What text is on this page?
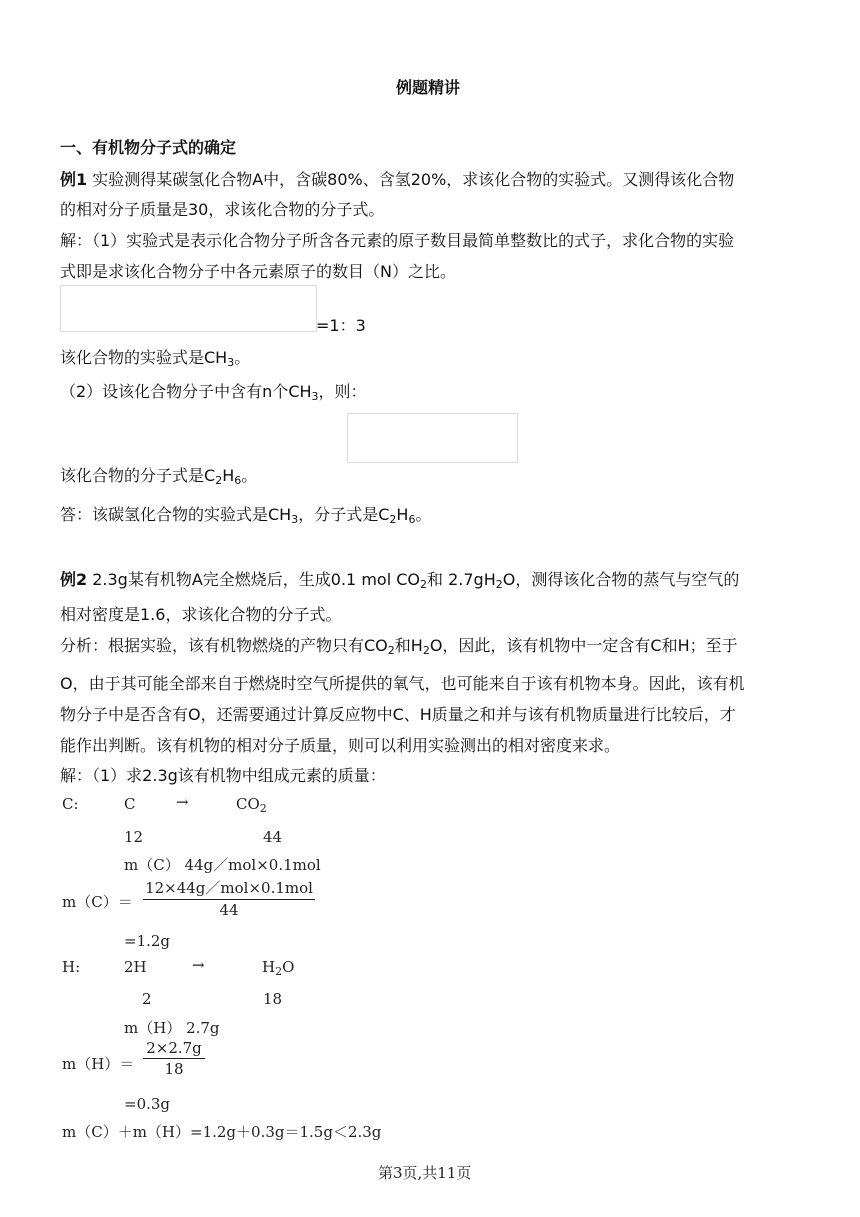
例题精讲
一、有机物分子式的确定
例1 实验测得某碳氢化合物A中，含碳80%、含氢20%，求该化合物的实验式。又测得该化合物
的相对分子质量是30，求该化合物的分子式。
解：（1）实验式是表示化合物分子所含各元素的原子数目最简单整数比的式子，求化合物的实验
式即是求该化合物分子中各元素原子的数目（N）之比。
=1：3
该化合物的实验式是$CH_3$。
（2）设该化合物分子中含有n个$CH_3$，则：
该化合物的分子式是$C_2H_6$。
答：该碳氢化合物的实验式是$CH_3$，分子式是$C_2H_6$。
例2 2.3g某有机物A完全燃烧后，生成0.1 mol $CO_2$和 $2.7gH_2O$，测得该化合物的蒸气与空气的
相对密度是1.6，求该化合物的分子式。
分析：根据实验，该有机物燃烧的产物只有$CO_2$和$H_2O$，因此，该有机物中一定含有C和H；至于
O，由于其可能全部来自于燃烧时空气所提供的氧气，也可能来自于该有机物本身。因此，该有机
物分子中是否含有O，还需要通过计算反应物中C、H质量之和并与该有机物质量进行比较后，才
能作出判断。该有机物的相对分子质量，则可以利用实验测出的相对密度来求。
解：（1）求2.3g该有机物中组成元素的质量：
C:	C	→	$CO_2$
12	44
m（C） 44g／mol×0.1mol
m（C）＝
12×44g／mol×0.1mol
44
=1.2g
H:	2H	→	$H_2O$
2	18
m（H） 2.7g
$m(H)= \frac{2\times 2.7g}{18}$
=0.3g
m（C）＋m（H）=1.2g＋0.3g＝1.5g＜2.3g
第3页,共11页
